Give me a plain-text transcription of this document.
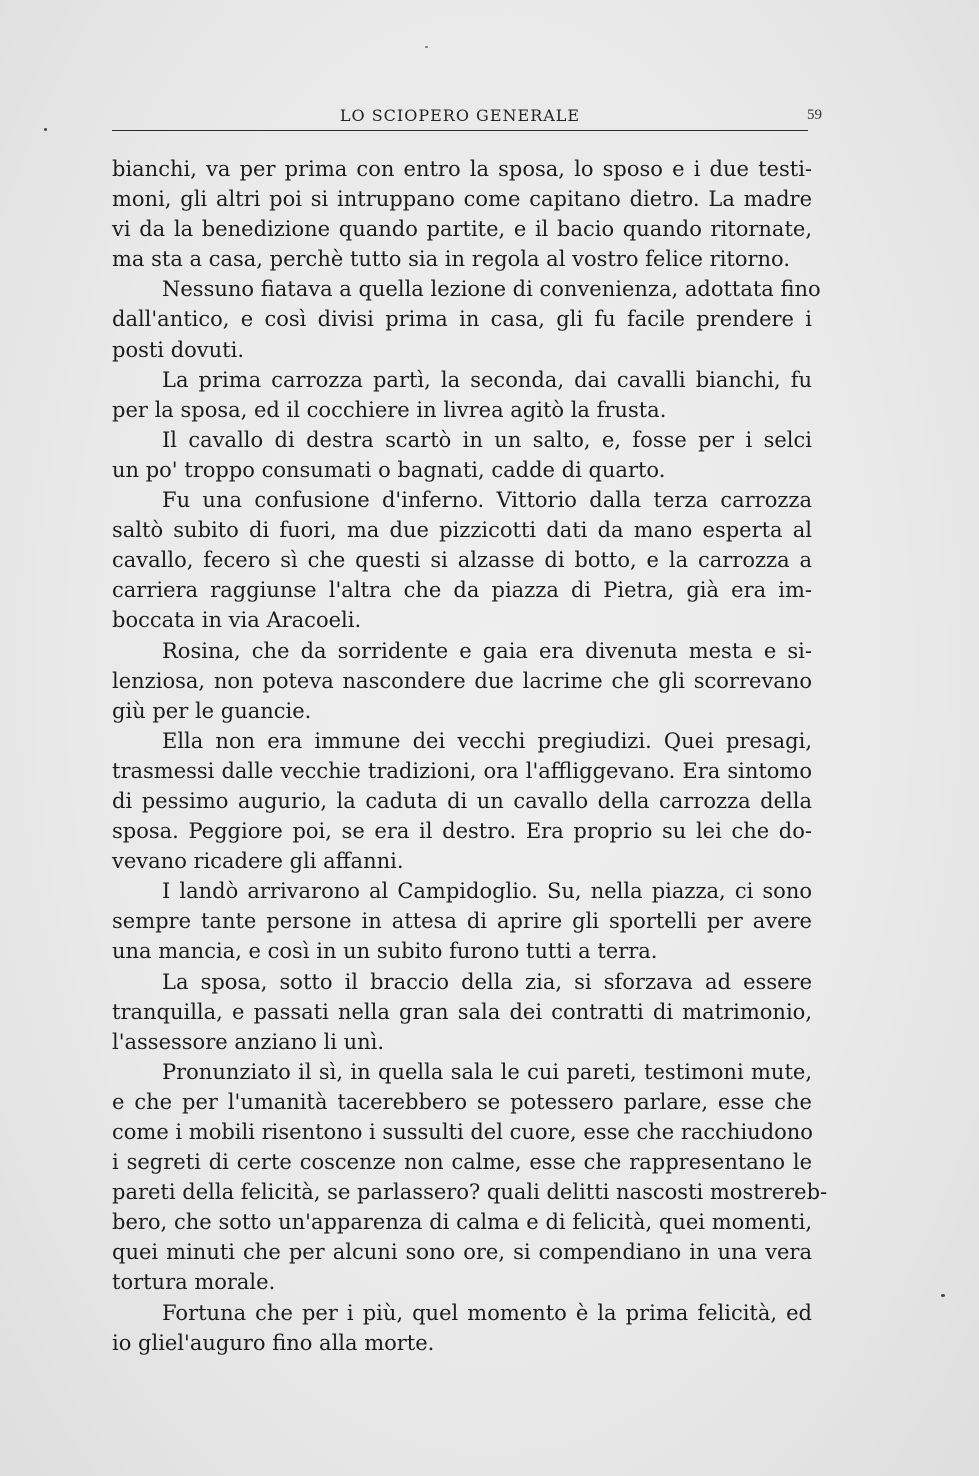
LO SCIOPERO GENERALE	59
bianchi, va per prima con entro la sposa, lo sposo e i due testi-
moni, gli altri poi si intruppano come capitano dietro. La madre
vi da la benedizione quando partite, e il bacio quando ritornate,
ma sta a casa, perchè tutto sia in regola al vostro felice ritorno.
Nessuno fiatava a quella lezione di convenienza, adottata fino
dall'antico, e così divisi prima in casa, gli fu facile prendere i
posti dovuti.
La prima carrozza partì, la seconda, dai cavalli bianchi, fu
per la sposa, ed il cocchiere in livrea agitò la frusta.
Il cavallo di destra scartò in un salto, e, fosse per i selci
un po' troppo consumati o bagnati, cadde di quarto.
Fu una confusione d'inferno. Vittorio dalla terza carrozza
saltò subito di fuori, ma due pizzicotti dati da mano esperta al
cavallo, fecero sì che questi si alzasse di botto, e la carrozza a
carriera raggiunse l'altra che da piazza di Pietra, già era im-
boccata in via Aracoeli.
Rosina, che da sorridente e gaia era divenuta mesta e si-
lenziosa, non poteva nascondere due lacrime che gli scorrevano
giù per le guancie.
Ella non era immune dei vecchi pregiudizi. Quei presagi,
trasmessi dalle vecchie tradizioni, ora l'affliggevano. Era sintomo
di pessimo augurio, la caduta di un cavallo della carrozza della
sposa. Peggiore poi, se era il destro. Era proprio su lei che do-
vevano ricadere gli affanni.
I landò arrivarono al Campidoglio. Su, nella piazza, ci sono
sempre tante persone in attesa di aprire gli sportelli per avere
una mancia, e così in un subito furono tutti a terra.
La sposa, sotto il braccio della zia, si sforzava ad essere
tranquilla, e passati nella gran sala dei contratti di matrimonio,
l'assessore anziano li unì.
Pronunziato il sì, in quella sala le cui pareti, testimoni mute,
e che per l'umanità tacerebbero se potessero parlare, esse che
come i mobili risentono i sussulti del cuore, esse che racchiudono
i segreti di certe coscenze non calme, esse che rappresentano le
pareti della felicità, se parlassero? quali delitti nascosti mostrereb-
bero, che sotto un'apparenza di calma e di felicità, quei momenti,
quei minuti che per alcuni sono ore, si compendiano in una vera
tortura morale.
Fortuna che per i più, quel momento è la prima felicità, ed
io gliel'auguro fino alla morte.
